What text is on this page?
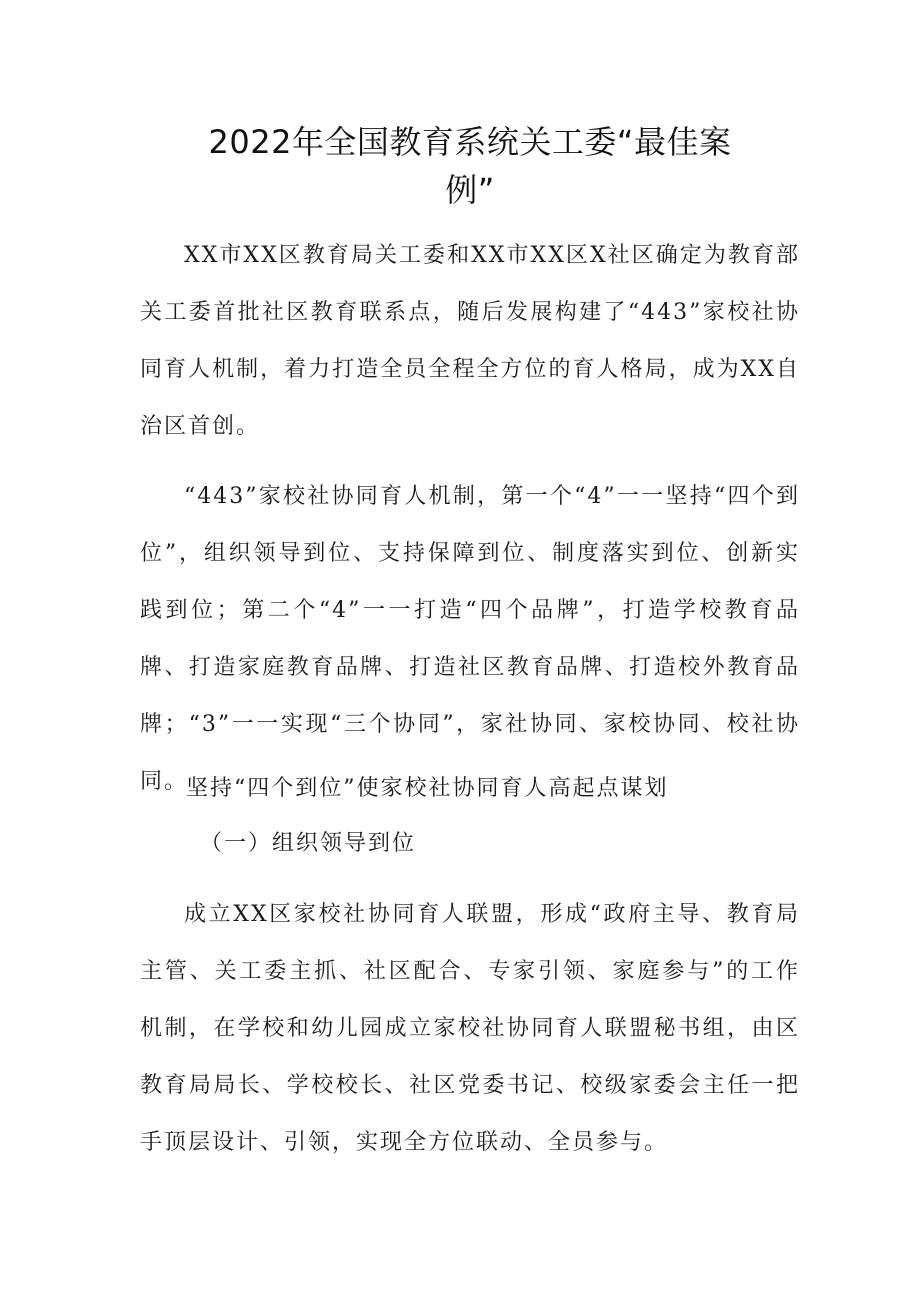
2022年全国教育系统关工委“最佳案
例”

XX市XX区教育局关工委和XX市XX区X社区确定为教育部关工委首批社区教育联系点，随后发展构建了“443”家校社协同育人机制，着力打造全员全程全方位的育人格局，成为XX自治区首创。

“443”家校社协同育人机制，第一个“4”一一坚持“四个到位”，组织领导到位、支持保障到位、制度落实到位、创新实践到位；第二个“4”一一打造“四个品牌”，打造学校教育品牌、打造家庭教育品牌、打造社区教育品牌、打造校外教育品牌；“3”一一实现“三个协同”，家社协同、家校协同、校社协同。

坚持“四个到位”使家校社协同育人高起点谋划
（一）组织领导到位

成立XX区家校社协同育人联盟，形成“政府主导、教育局主管、关工委主抓、社区配合、专家引领、家庭参与”的工作机制，在学校和幼儿园成立家校社协同育人联盟秘书组，由区教育局局长、学校校长、社区党委书记、校级家委会主任一把手顶层设计、引领，实现全方位联动、全员参与。
